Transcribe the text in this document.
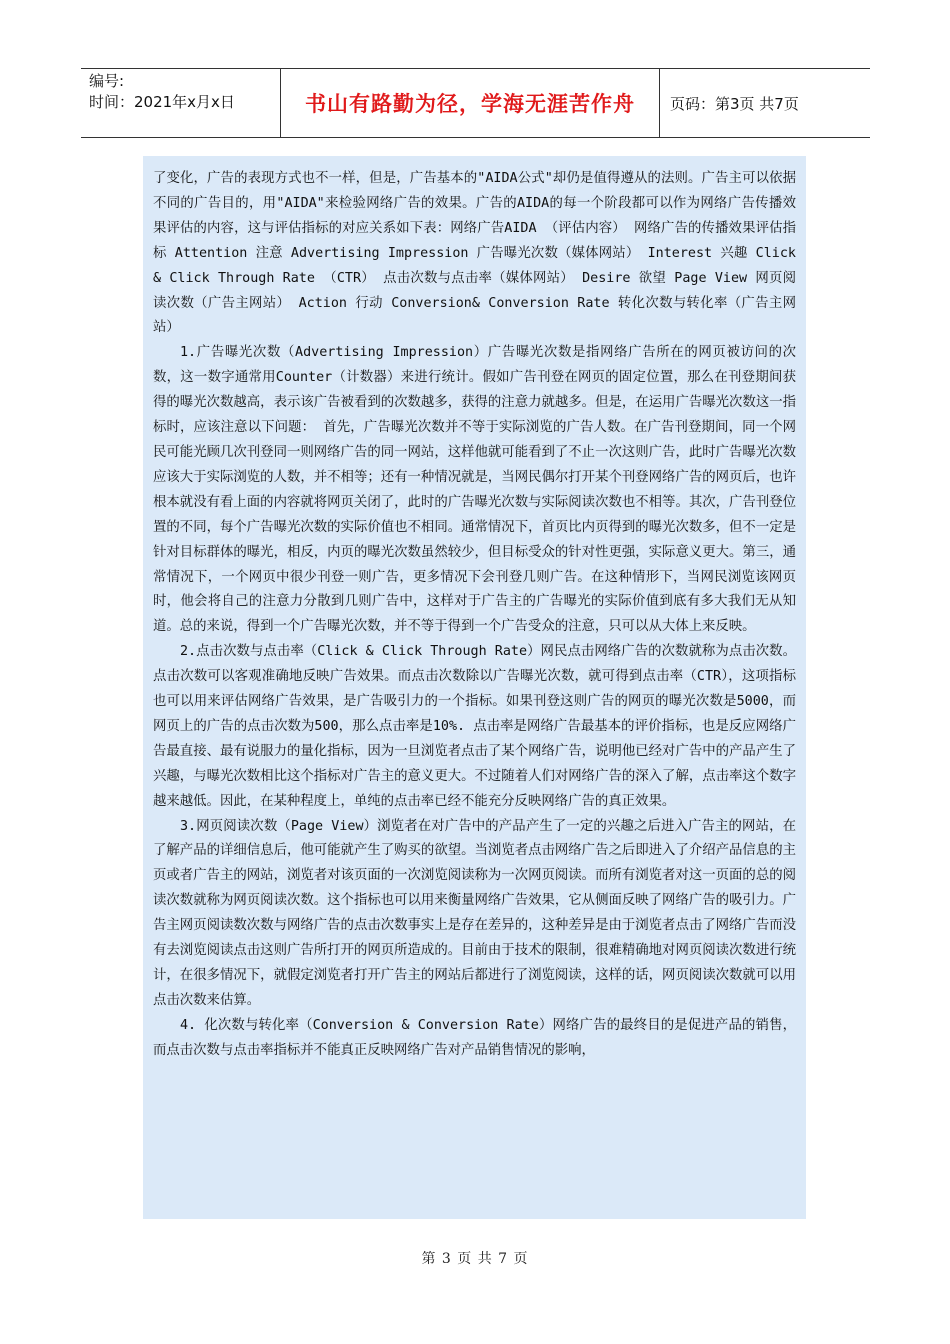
编号:
时间：2021年x月x日	书山有路勤为径，学海无涯苦作舟 页码：第3页 共7页

了变化，广告的表现方式也不一样，但是，广告基本的"AIDA公式"却仍是值得遵从的法则。广告主可以依据不同的广告目的，用"AIDA"来检验网络广告的效果。广告的AIDA的每一个阶段都可以作为网络广告传播效果评估的内容，这与评估指标的对应关系如下表：网络广告AIDA （评估内容） 网络广告的传播效果评估指标 Attention 注意 Advertising Impression 广告曝光次数（媒体网站） Interest 兴趣 Click& Click Through Rate （CTR） 点击次数与点击率（媒体网站） Desire 欲望 Page View 网页阅读次数（广告主网站） Action 行动 Conversion& Conversion Rate 转化次数与转化率（广告主网站）

1.广告曝光次数（Advertising Impression）广告曝光次数是指网络广告所在的网页被访问的次数，这一数字通常用Counter（计数器）来进行统计。假如广告刊登在网页的固定位置，那么在刊登期间获得的曝光次数越高，表示该广告被看到的次数越多，获得的注意力就越多。但是，在运用广告曝光次数这一指标时，应该注意以下问题： 首先，广告曝光次数并不等于实际浏览的广告人数。在广告刊登期间，同一个网民可能光顾几次刊登同一则网络广告的同一网站，这样他就可能看到了不止一次这则广告，此时广告曝光次数应该大于实际浏览的人数，并不相等；还有一种情况就是，当网民偶尔打开某个刊登网络广告的网页后，也许根本就没有看上面的内容就将网页关闭了，此时的广告曝光次数与实际阅读次数也不相等。其次，广告刊登位置的不同，每个广告曝光次数的实际价值也不相同。通常情况下，首页比内页得到的曝光次数多，但不一定是针对目标群体的曝光，相反，内页的曝光次数虽然较少，但目标受众的针对性更强，实际意义更大。第三，通常情况下，一个网页中很少刊登一则广告，更多情况下会刊登几则广告。在这种情形下，当网民浏览该网页时，他会将自己的注意力分散到几则广告中，这样对于广告主的广告曝光的实际价值到底有多大我们无从知道。总的来说，得到一个广告曝光次数，并不等于得到一个广告受众的注意，只可以从大体上来反映。

2.点击次数与点击率（Click & Click Through Rate）网民点击网络广告的次数就称为点击次数。点击次数可以客观准确地反映广告效果。而点击次数除以广告曝光次数，就可得到点击率（CTR），这项指标也可以用来评估网络广告效果，是广告吸引力的一个指标。如果刊登这则广告的网页的曝光次数是5000，而网页上的广告的点击次数为500，那么点击率是10%. 点击率是网络广告最基本的评价指标，也是反应网络广告最直接、最有说服力的量化指标，因为一旦浏览者点击了某个网络广告，说明他已经对广告中的产品产生了兴趣，与曝光次数相比这个指标对广告主的意义更大。不过随着人们对网络广告的深入了解，点击率这个数字越来越低。因此，在某种程度上，单纯的点击率已经不能充分反映网络广告的真正效果。

3.网页阅读次数（Page View）浏览者在对广告中的产品产生了一定的兴趣之后进入广告主的网站，在了解产品的详细信息后，他可能就产生了购买的欲望。当浏览者点击网络广告之后即进入了介绍产品信息的主页或者广告主的网站，浏览者对该页面的一次浏览阅读称为一次网页阅读。而所有浏览者对这一页面的总的阅读次数就称为网页阅读次数。这个指标也可以用来衡量网络广告效果，它从侧面反映了网络广告的吸引力。广告主网页阅读数次数与网络广告的点击次数事实上是存在差异的，这种差异是由于浏览者点击了网络广告而没有去浏览阅读点击这则广告所打开的网页所造成的。目前由于技术的限制，很难精确地对网页阅读次数进行统计，在很多情况下，就假定浏览者打开广告主的网站后都进行了浏览阅读，这样的话，网页阅读次数就可以用点击次数来估算。

4. 化次数与转化率（Conversion & Conversion Rate）网络广告的最终目的是促进产品的销售，而点击次数与点击率指标并不能真正反映网络广告对产品销售情况的影响，

第 3 页 共 7 页
